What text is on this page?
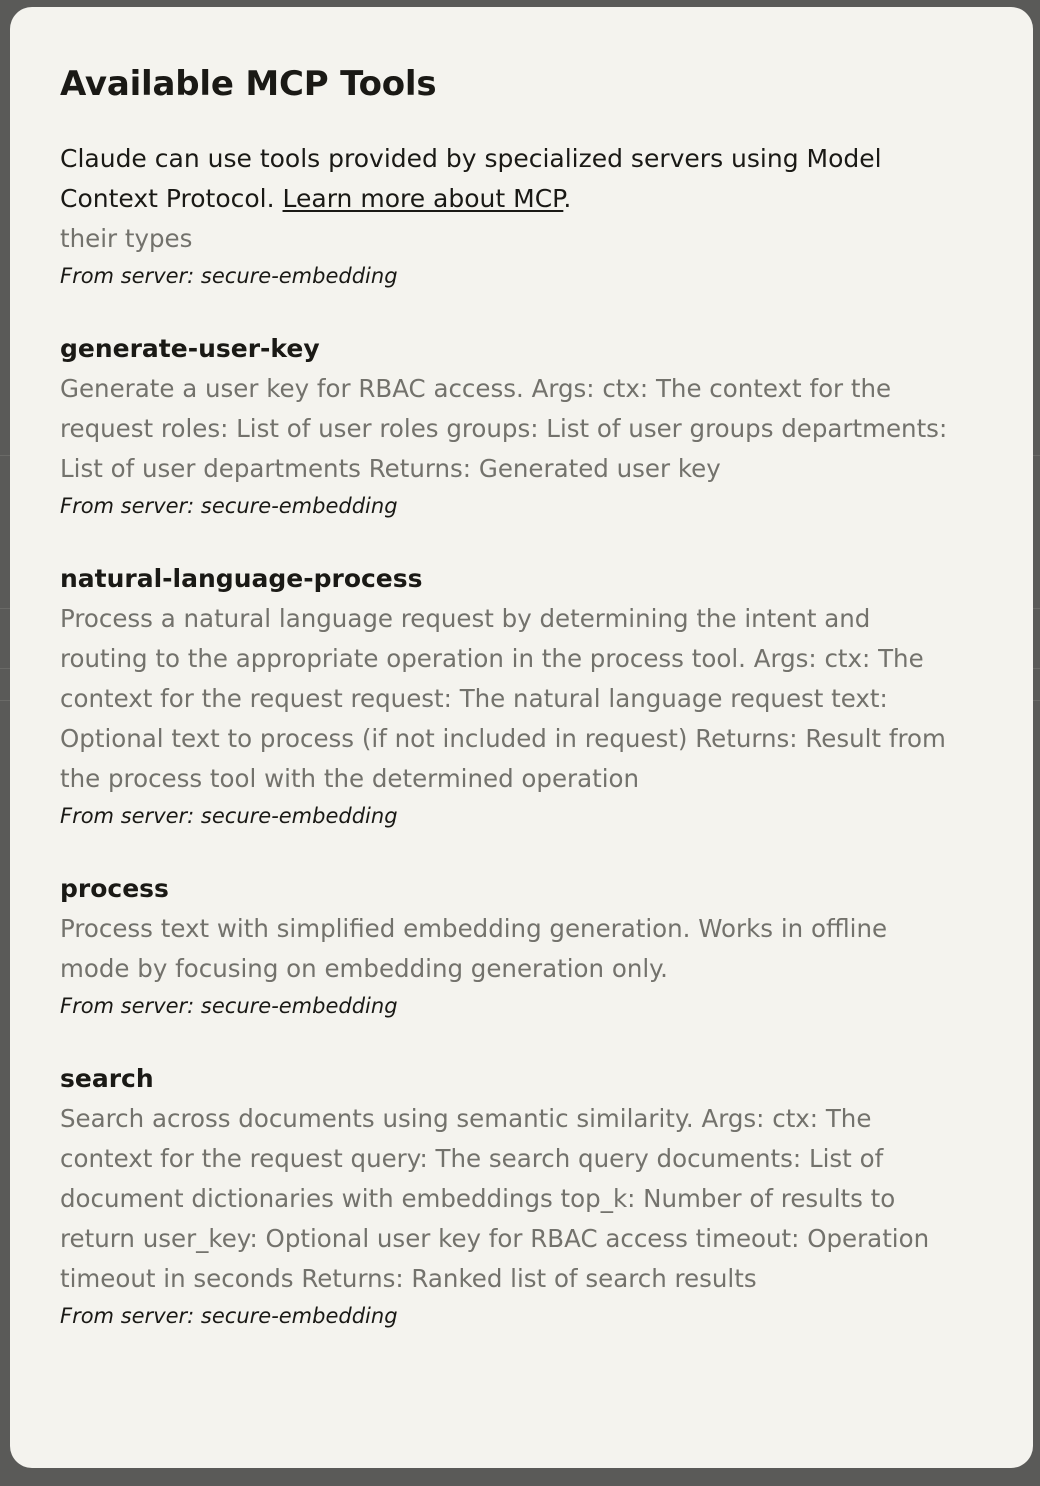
Available MCP Tools
Claude can use tools provided by specialized servers using Model Context Protocol. Learn more about MCP.
their types
From server: secure-embedding
generate-user-key
Generate a user key for RBAC access. Args: ctx: The context for the request roles: List of user roles groups: List of user groups departments: List of user departments Returns: Generated user key
From server: secure-embedding
natural-language-process
Process a natural language request by determining the intent and routing to the appropriate operation in the process tool. Args: ctx: The context for the request request: The natural language request text: Optional text to process (if not included in request) Returns: Result from the process tool with the determined operation
From server: secure-embedding
process
Process text with simplified embedding generation. Works in offline mode by focusing on embedding generation only.
From server: secure-embedding
search
Search across documents using semantic similarity. Args: ctx: The context for the request query: The search query documents: List of document dictionaries with embeddings top_k: Number of results to return user_key: Optional user key for RBAC access timeout: Operation timeout in seconds Returns: Ranked list of search results
From server: secure-embedding
